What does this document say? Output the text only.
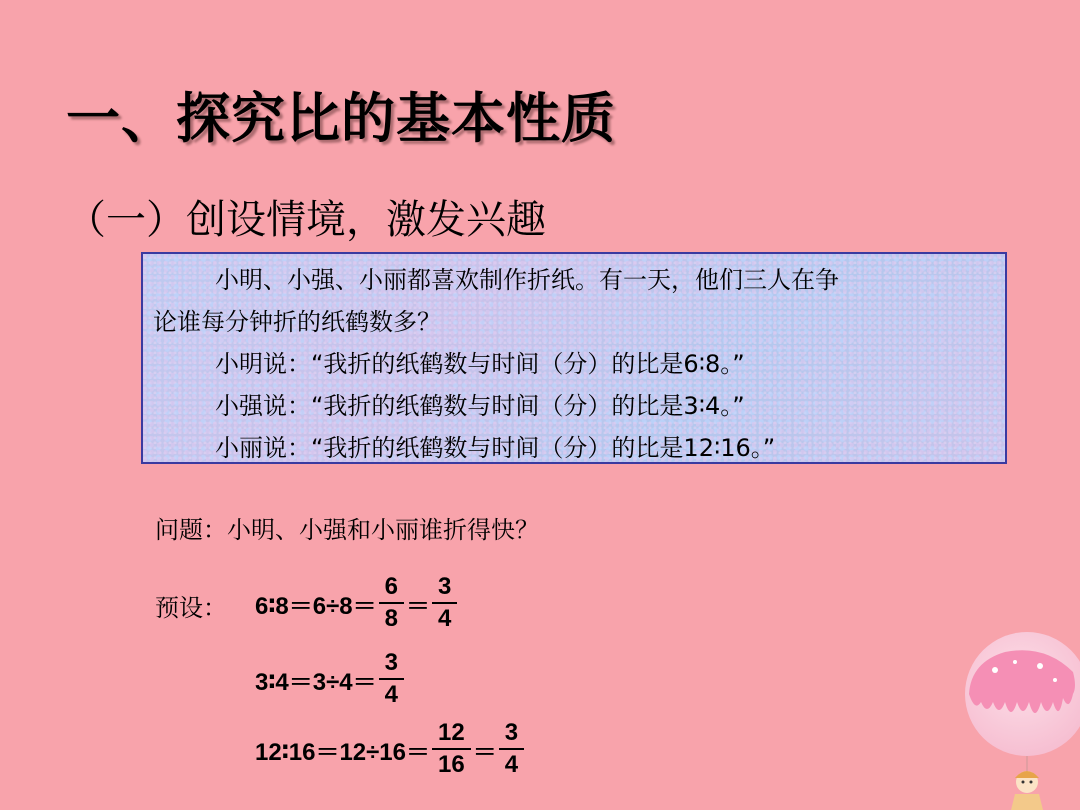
一、探究比的基本性质
（一）创设情境，激发兴趣
小明、小强、小丽都喜欢制作折纸。有一天，他们三人在争
论谁每分钟折的纸鹤数多？
小明说：“我折的纸鹤数与时间（分）的比是6∶8。”
小强说：“我折的纸鹤数与时间（分）的比是3∶4。”
小丽说：“我折的纸鹤数与时间（分）的比是12∶16。”
问题：小明、小强和小丽谁折得快？
预设： 6∶8＝6÷8＝ $\frac{6}{8} = \frac{3}{4}$
3∶4＝3÷4＝ $\frac{3}{4}$
12∶16＝12÷16＝ $\frac{12}{16} = \frac{3}{4}$
